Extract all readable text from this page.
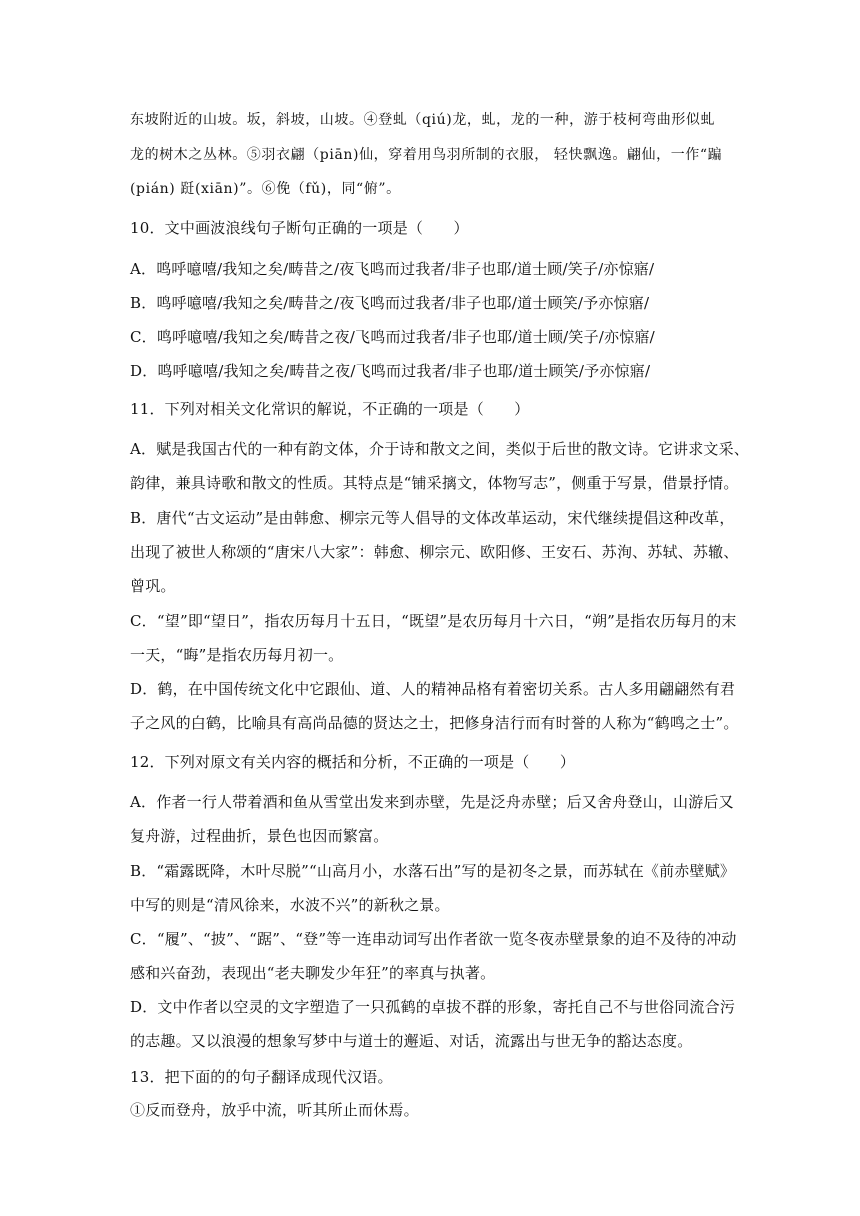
东坡附近的山坡。坂，斜坡，山坡。④登虬（qiú)龙，虬，龙的一种，游于枝柯弯曲形似虬
龙的树木之丛林。⑤羽衣翩（piān)仙，穿着用鸟羽所制的衣服， 轻快飘逸。翩仙，一作“蹁
(pián) 跹(xiān)”。⑥俛（fǔ)，同“俯”。
10．文中画波浪线句子断句正确的一项是（　　）
A．鸣呼噫嘻/我知之矣/畴昔之/夜飞鸣而过我者/非子也耶/道士顾/笑子/亦惊寤/
B．鸣呼噫嘻/我知之矣/畴昔之/夜飞鸣而过我者/非子也耶/道士顾笑/予亦惊寤/
C．鸣呼噫嘻/我知之矣/畴昔之夜/飞鸣而过我者/非子也耶/道士顾/笑子/亦惊寤/
D．鸣呼噫嘻/我知之矣/畴昔之夜/飞鸣而过我者/非子也耶/道士顾笑/予亦惊寤/
11．下列对相关文化常识的解说，不正确的一项是（　　）
A．赋是我国古代的一种有韵文体，介于诗和散文之间，类似于后世的散文诗。它讲求文采、
韵律，兼具诗歌和散文的性质。其特点是“铺采摛文，体物写志”，侧重于写景，借景抒情。
B．唐代“古文运动”是由韩愈、柳宗元等人倡导的文体改革运动，宋代继续提倡这种改革，
出现了被世人称颂的“唐宋八大家”：韩愈、柳宗元、欧阳修、王安石、苏洵、苏轼、苏辙、
曾巩。
C．“望”即“望日”，指农历每月十五日，“既望”是农历每月十六日，“朔”是指农历每月的末
一天，“晦”是指农历每月初一。
D．鹤，在中国传统文化中它跟仙、道、人的精神品格有着密切关系。古人多用翩翩然有君
子之风的白鹤，比喻具有高尚品德的贤达之士，把修身洁行而有时誉的人称为“鹤鸣之士”。
12．下列对原文有关内容的概括和分析，不正确的一项是（　　）
A．作者一行人带着酒和鱼从雪堂出发来到赤壁，先是泛舟赤壁；后又舍舟登山，山游后又
复舟游，过程曲折，景色也因而繁富。
B．“霜露既降，木叶尽脱”“山高月小，水落石出”写的是初冬之景，而苏轼在《前赤壁赋》
中写的则是“清风徐来，水波不兴”的新秋之景。
C．“履”、“披”、“踞”、“登”等一连串动词写出作者欲一览冬夜赤壁景象的迫不及待的冲动
感和兴奋劲，表现出“老夫聊发少年狂”的率真与执著。
D．文中作者以空灵的文字塑造了一只孤鹤的卓拔不群的形象，寄托自己不与世俗同流合污
的志趣。又以浪漫的想象写梦中与道士的邂逅、对话，流露出与世无争的豁达态度。
13．把下面的的句子翻译成现代汉语。
①反而登舟，放乎中流，听其所止而休焉。
